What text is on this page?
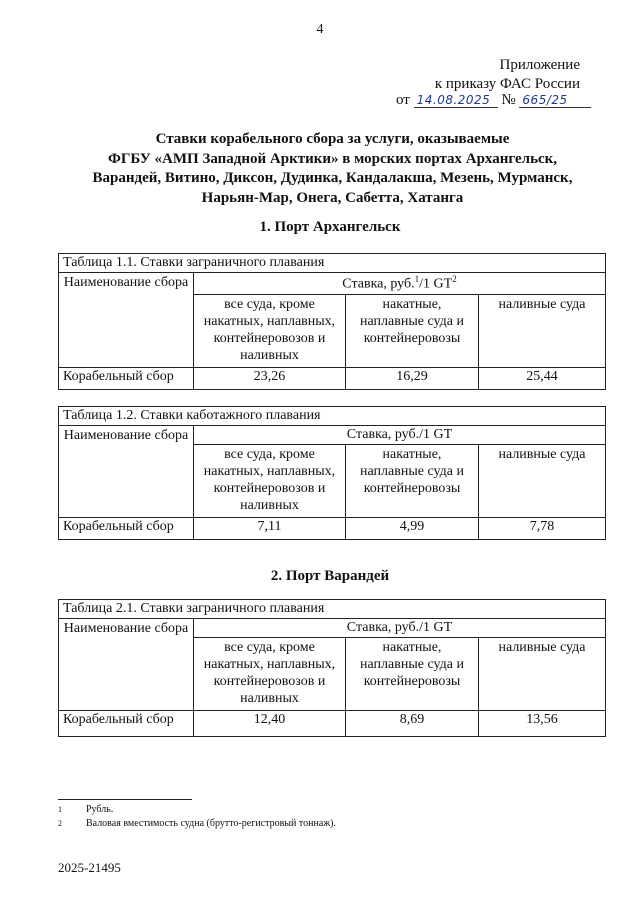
4
Приложение
к приказу ФАС России
от 14.08.2025 № 665/25
Ставки корабельного сбора за услуги, оказываемые
ФГБУ «АМП Западной Арктики» в морских портах Архангельск,
Варандей, Витино, Диксон, Дудинка, Кандалакша, Мезень, Мурманск,
Нарьян-Мар, Онега, Сабетта, Хатанга
1. Порт Архангельск
Таблица 1.1. Ставки заграничного плавания			
Наименование сбора	Ставка, руб.$^1$/1 $GT^2$
	все суда, кроме накатных, наплавных, контейнеровозов и наливных	накатные, наплавные суда и контейнеровозы	наливные суда
Корабельный сбор	23,26	16,29	25,44
Таблица 1.2. Ставки каботажного плавания			
Наименование сбора	Ставка, руб./1 GT		
	все суда, кроме накатных, наплавных, контейнеровозов и наливных	накатные, наплавные суда и контейнеровозы	наливные суда
Корабельный сбор	7,11	4,99	7,78
2. Порт Варандей
Таблица 2.1. Ставки заграничного плавания			
Наименование сбора	Ставка, руб./1 GT		
	все суда, кроме накатных, наплавных, контейнеровозов и наливных	накатные, наплавные суда и контейнеровозы	наливные суда
Корабельный сбор	12,40	8,69	13,56
1	Рубль.
2	Валовая вместимость судна (брутто-регистровый тоннаж).
2025-21495
